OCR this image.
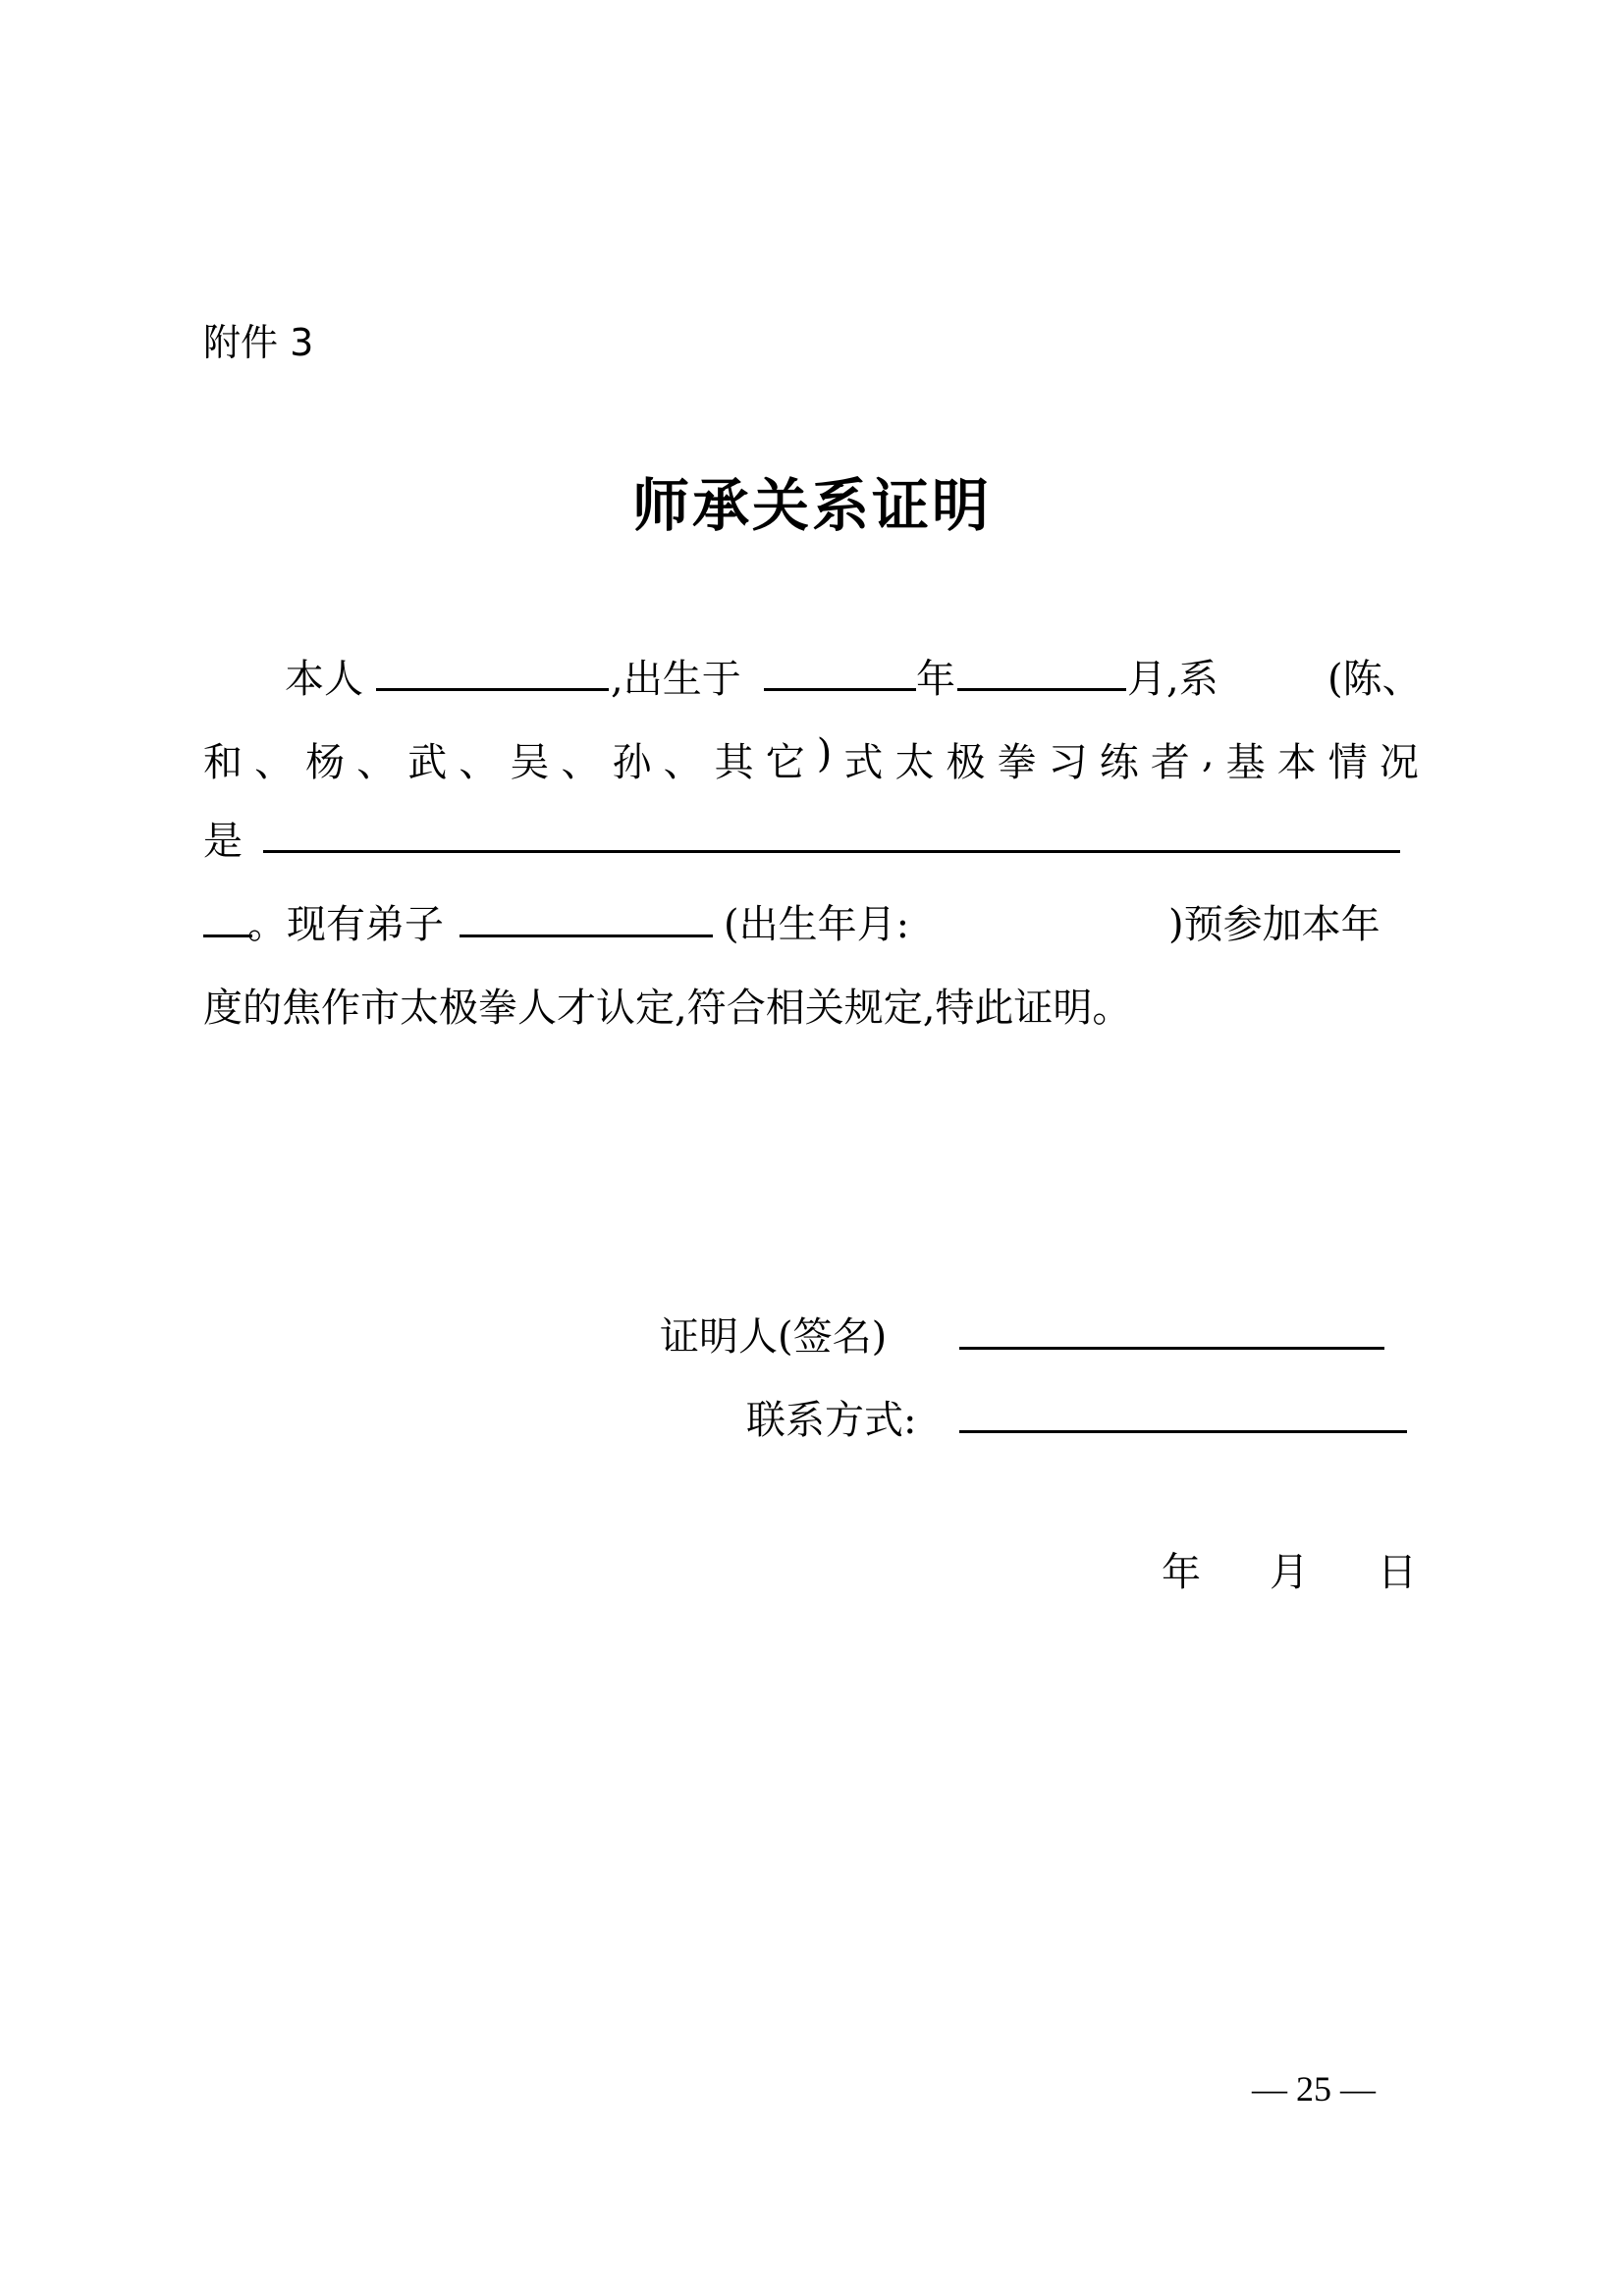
附件 3
师承关系证明
本人	,出生于	年	月,系	(陈、
和 、 杨 、 武 、 吴 、 孙 、 其 它 ) 式 太 极 拳 习 练 者 , 基 本 情 况
是
。现有弟子	(出生年月:	)预参加本年
度的焦作市太极拳人才认定,符合相关规定,特此证明。
证明人(签名)
联系方式:
年 月 日
— 25 —
